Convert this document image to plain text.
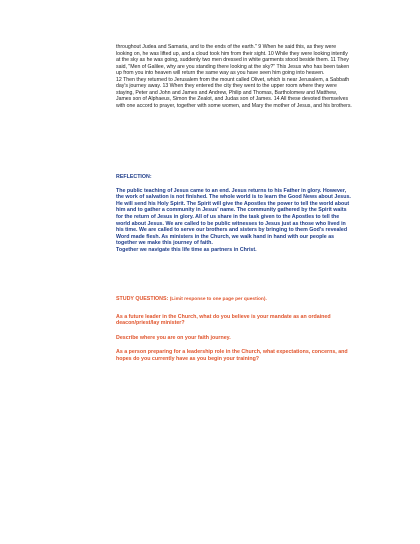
throughout Judea and Samaria, and to the ends of the earth." 9 When he said this, as they were looking on, he was lifted up, and a cloud took him from their sight. 10 While they were looking intently at the sky as he was going, suddenly two men dressed in white garments stood beside them. 11 They said, "Men of Galilee, why are you standing there looking at the sky?" This Jesus who has been taken up from you into heaven will return the same way as you have seen him going into heaven.

12 Then they returned to Jerusalem from the mount called Olivet, which is near Jerusalem, a Sabbath day's journey away. 13 When they entered the city they went to the upper room where they were staying, Peter and John and James and Andrew, Philip and Thomas, Bartholomew and Matthew, James son of Alphaeus, Simon the Zealot, and Judas son of James. 14 All these devoted themselves with one accord to prayer, together with some women, and Mary the mother of Jesus, and his brothers.

REFLECTION:

The public teaching of Jesus came to an end. Jesus returns to his Father in glory. However, the work of salvation is not finished. The whole world is to learn the Good News about Jesus. He will send his Holy Spirit. The Spirit will give the Apostles the power to tell the world about him and to gather a community in Jesus' name. The community gathered by the Spirit waits for the return of Jesus in glory. All of us share in the task given to the Apostles to tell the world about Jesus. We are called to be public witnesses to Jesus just as those who lived in his time. We are called to serve our brothers and sisters by bringing to them God's revealed Word made flesh. As ministers in the Church, we walk hand in hand with our people as together we make this journey of faith.

Together we navigate this life time as partners in Christ.

STUDY QUESTIONS: (Limit response to one page per question).

As a future leader in the Church, what do you believe is your mandate as an ordained deacon/priest/lay minister?

Describe where you are on your faith journey.

As a person preparing for a leadership role in the Church, what expectations, concerns, and hopes do you currently have as you begin your training?
